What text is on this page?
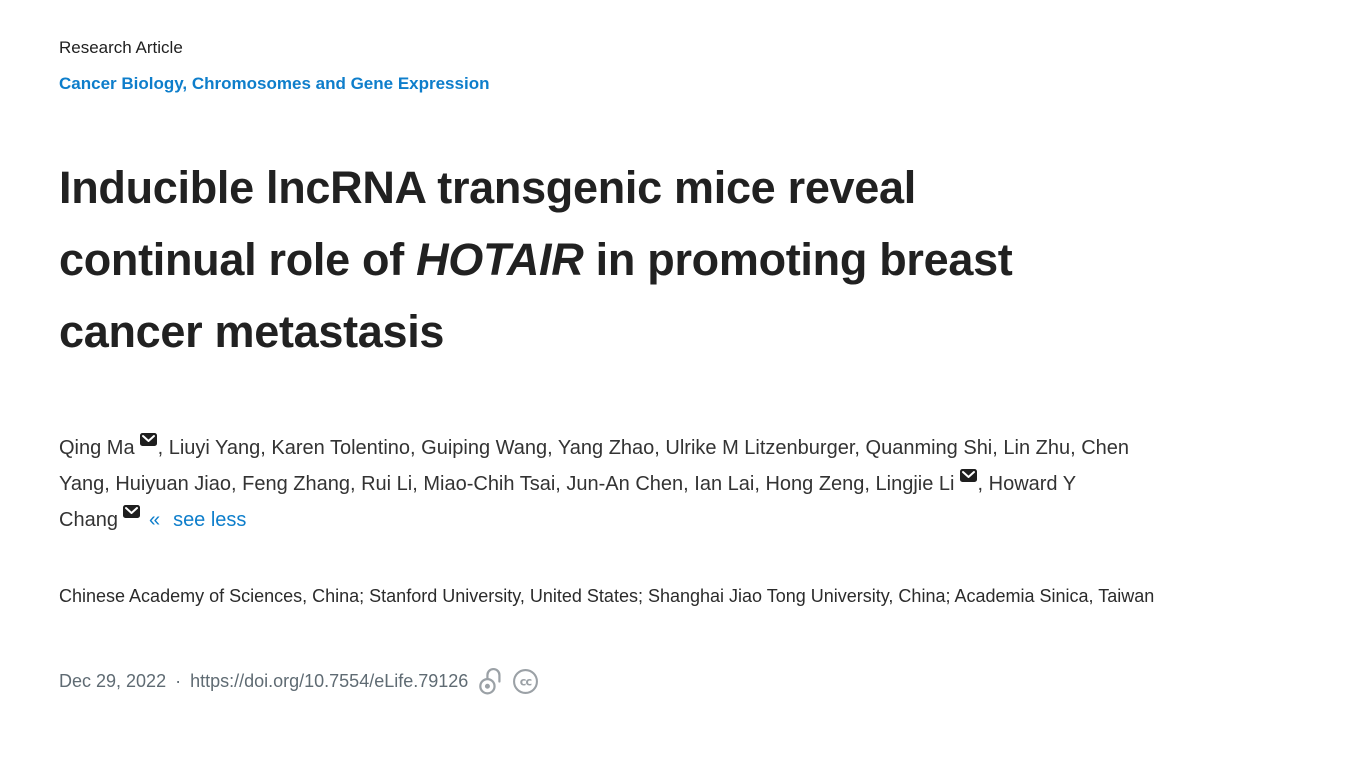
Research Article
Cancer Biology, Chromosomes and Gene Expression
Inducible lncRNA transgenic mice reveal
continual role of HOTAIR in promoting breast
cancer metastasis

Qing Ma , Liuyi Yang, Karen Tolentino, Guiping Wang, Yang Zhao, Ulrike M Litzenburger, Quanming Shi, Lin Zhu, Chen Yang, Huiyuan Jiao, Feng Zhang, Rui Li, Miao-Chih Tsai, Jun-An Chen, Ian Lai, Hong Zeng, Lingjie Li , Howard Y Chang « see less

Chinese Academy of Sciences, China; Stanford University, United States; Shanghai Jiao Tong University, China; Academia Sinica, Taiwan

Dec 29, 2022 · https://doi.org/10.7554/eLife.79126	cc
